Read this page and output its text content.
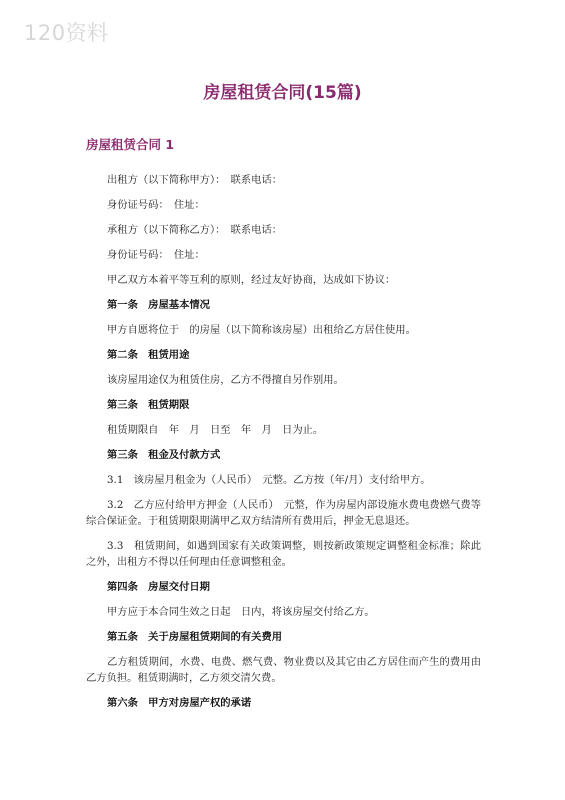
120资料
房屋租赁合同(15篇)
房屋租赁合同 1
出租方（以下简称甲方）：　联系电话：
身份证号码：　住址：
承租方（以下简称乙方）：　联系电话：
身份证号码：　住址：
甲乙双方本着平等互利的原则，经过友好协商，达成如下协议：
第一条　房屋基本情况
甲方自愿将位于　的房屋（以下简称该房屋）出租给乙方居住使用。
第二条　租赁用途
该房屋用途仅为租赁住房，乙方不得擅自另作别用。
第三条　租赁期限
租赁期限自　年　月　日至　年　月　日为止。
第三条　租金及付款方式
3.1　该房屋月租金为（人民币）　元整。乙方按（年/月）支付给甲方。
3.2　乙方应付给甲方押金（人民币）　元整，作为房屋内部设施水费电费燃气费等综合保证金。于租赁期限期满甲乙双方结清所有费用后，押金无息退还。
3.3　租赁期间，如遇到国家有关政策调整，则按新政策规定调整租金标准；除此之外，出租方不得以任何理由任意调整租金。
第四条　房屋交付日期
甲方应于本合同生效之日起　日内，将该房屋交付给乙方。
第五条　关于房屋租赁期间的有关费用
乙方租赁期间，水费、电费、燃气费、物业费以及其它由乙方居住而产生的费用由乙方负担。租赁期满时，乙方须交清欠费。
第六条　甲方对房屋产权的承诺
